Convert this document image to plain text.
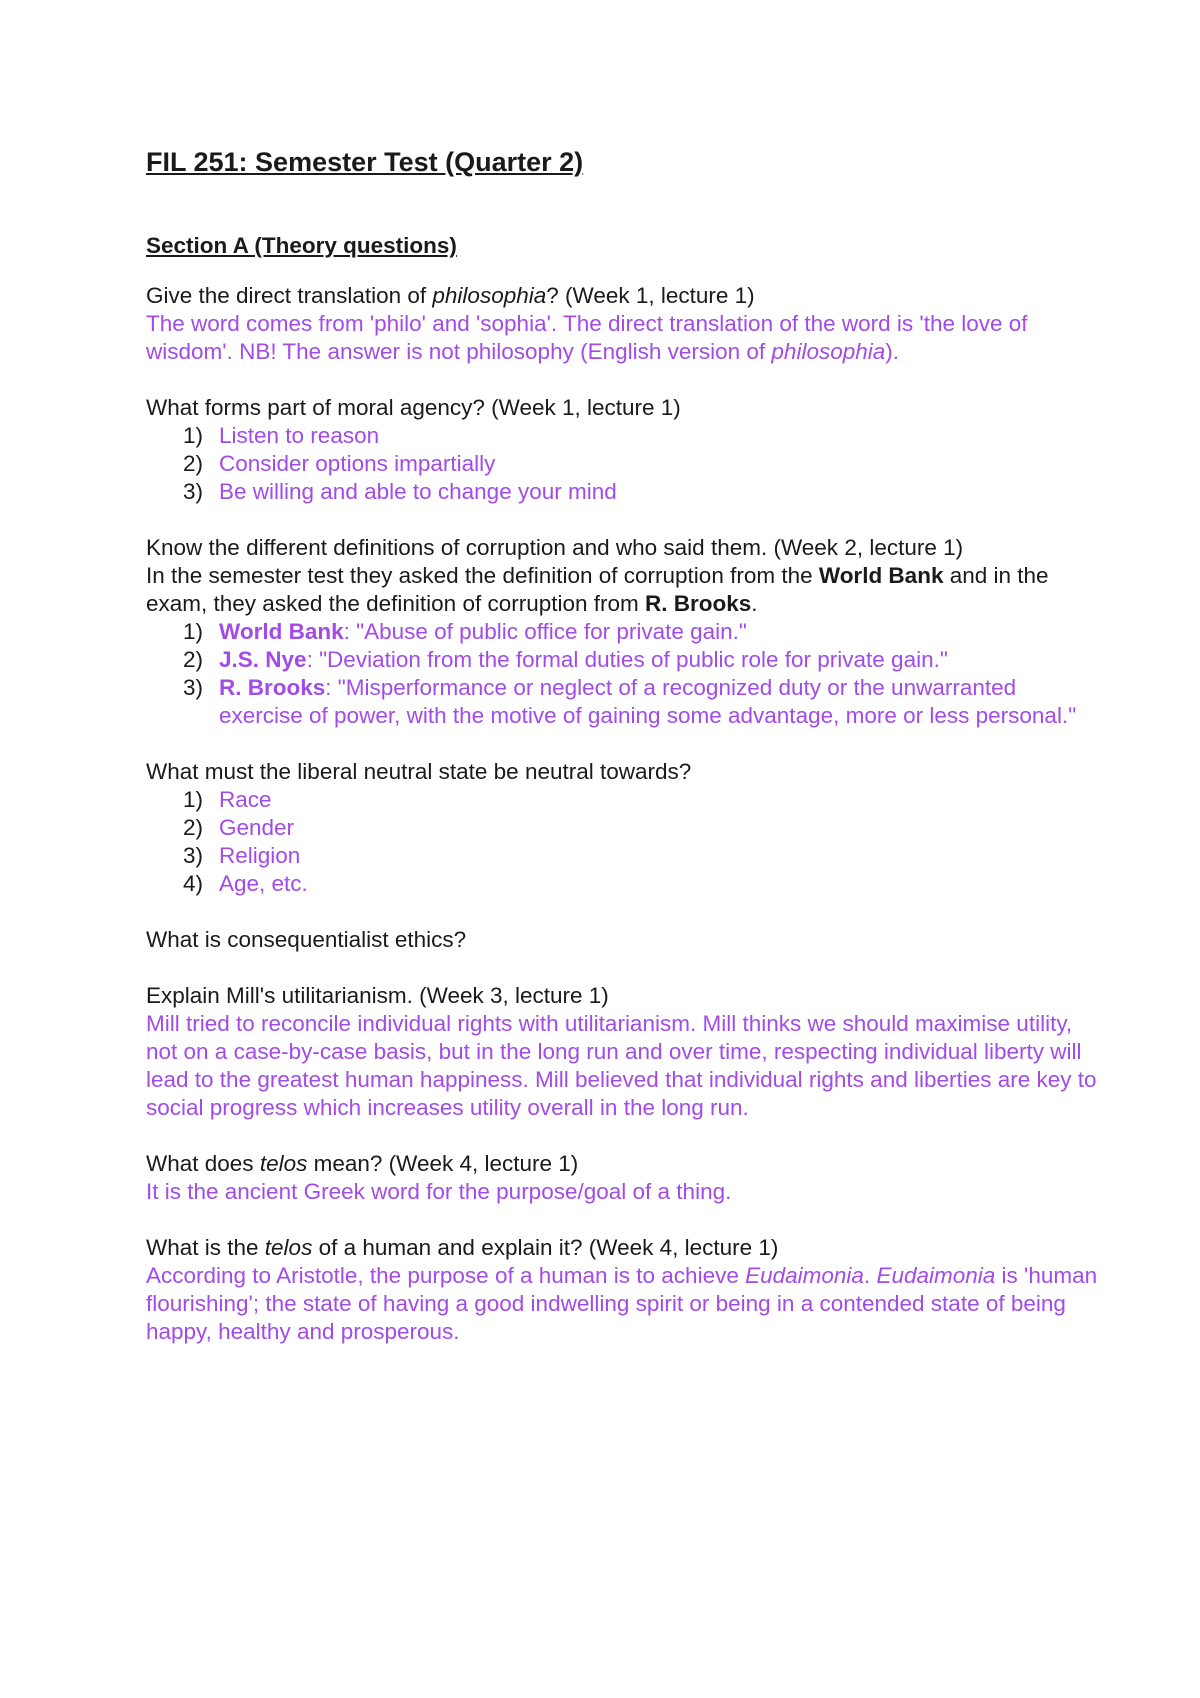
FIL 251: Semester Test (Quarter 2)
Section A (Theory questions)

Give the direct translation of philosophia? (Week 1, lecture 1)

The word comes from 'philo' and 'sophia'. The direct translation of the word is 'the love of wisdom'. NB! The answer is not philosophy (English version of philosophia).

What forms part of moral agency? (Week 1, lecture 1)

1) Listen to reason
2) Consider options impartially
3) Be willing and able to change your mind

Know the different definitions of corruption and who said them. (Week 2, lecture 1)

In the semester test they asked the definition of corruption from the World Bank and in the exam, they asked the definition of corruption from R. Brooks.

1) World Bank: "Abuse of public office for private gain."
2) J.S. Nye: "Deviation from the formal duties of public role for private gain."
3) R. Brooks: "Misperformance or neglect of a recognized duty or the unwarranted exercise of power, with the motive of gaining some advantage, more or less personal."

What must the liberal neutral state be neutral towards?

1) Race
2) Gender
3) Religion
4) Age, etc.

What is consequentialist ethics?

Explain Mill's utilitarianism. (Week 3, lecture 1)

Mill tried to reconcile individual rights with utilitarianism. Mill thinks we should maximise utility, not on a case-by-case basis, but in the long run and over time, respecting individual liberty will lead to the greatest human happiness. Mill believed that individual rights and liberties are key to social progress which increases utility overall in the long run.

What does telos mean? (Week 4, lecture 1)

It is the ancient Greek word for the purpose/goal of a thing.

What is the telos of a human and explain it? (Week 4, lecture 1)

According to Aristotle, the purpose of a human is to achieve Eudaimonia. Eudaimonia is 'human flourishing'; the state of having a good indwelling spirit or being in a contended state of being happy, healthy and prosperous.
